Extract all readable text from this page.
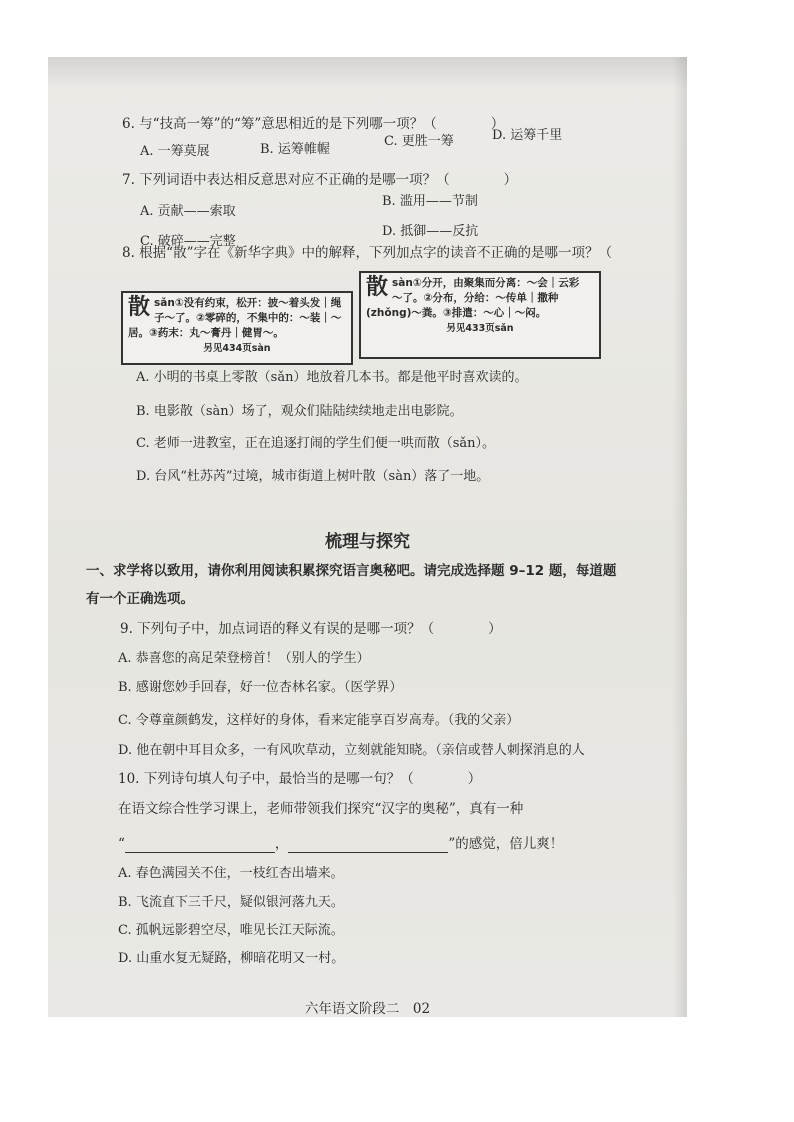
6. 与“技高一筹”的“筹”意思相近的是下列哪一项？（　　　　）
A. 一筹莫展	B. 运筹帷幄
C. 更胜一筹	D. 运筹千里
7. 下列词语中表达相反意思对应不正确的是哪一项？（　　　　）
A. 贡献——索取
B. 滥用——节制
C. 破碎——完整
D. 抵御——反抗
8. 根据“散”字在《新华字典》中的解释，下列加点字的读音不正确的是哪一项？（
散 sǎn①没有约束，松开：披～着头发｜绳
子～了。②零碎的，不集中的：～装｜～
居。③药末：丸～膏丹｜健胃～。
另见434页sàn
散 sàn①分开，由聚集而分离：～会｜云彩
～了。②分布，分给：～传单｜撒种
(zhǒng)～粪。③排遣：～心｜～闷。
另见433页sǎn
A. 小明的书桌上零散（sǎn）地放着几本书。都是他平时喜欢读的。
B. 电影散（sàn）场了，观众们陆陆续续地走出电影院。
C. 老师一进教室，正在追逐打闹的学生们便一哄而散（sǎn）。
D. 台风“杜苏芮”过境，城市街道上树叶散（sàn）落了一地。
梳理与探究
一、求学将以致用，请你利用阅读积累探究语言奥秘吧。请完成选择题 9–12 题，每道题
有一个正确选项。
9. 下列句子中，加点词语的释义有误的是哪一项？（　　　　）
A. 恭喜您的高足荣登榜首！（别人的学生）
B. 感谢您妙手回春，好一位杏林名家。（医学界）
C. 令尊童颜鹤发，这样好的身体，看来定能享百岁高寿。（我的父亲）
D. 他在朝中耳目众多，一有风吹草动，立刻就能知晓。（亲信或替人刺探消息的人
10. 下列诗句填人句子中，最恰当的是哪一句？（　　　　）
在语文综合性学习课上，老师带领我们探究“汉字的奥秘”，真有一种
“	，	”的感觉，倍儿爽！
A. 春色满园关不住，一枝红杏出墙来。
B. 飞流直下三千尺，疑似银河落九天。
C. 孤帆远影碧空尽，唯见长江天际流。
D. 山重水复无疑路，柳暗花明又一村。
六年语文阶段二　02
